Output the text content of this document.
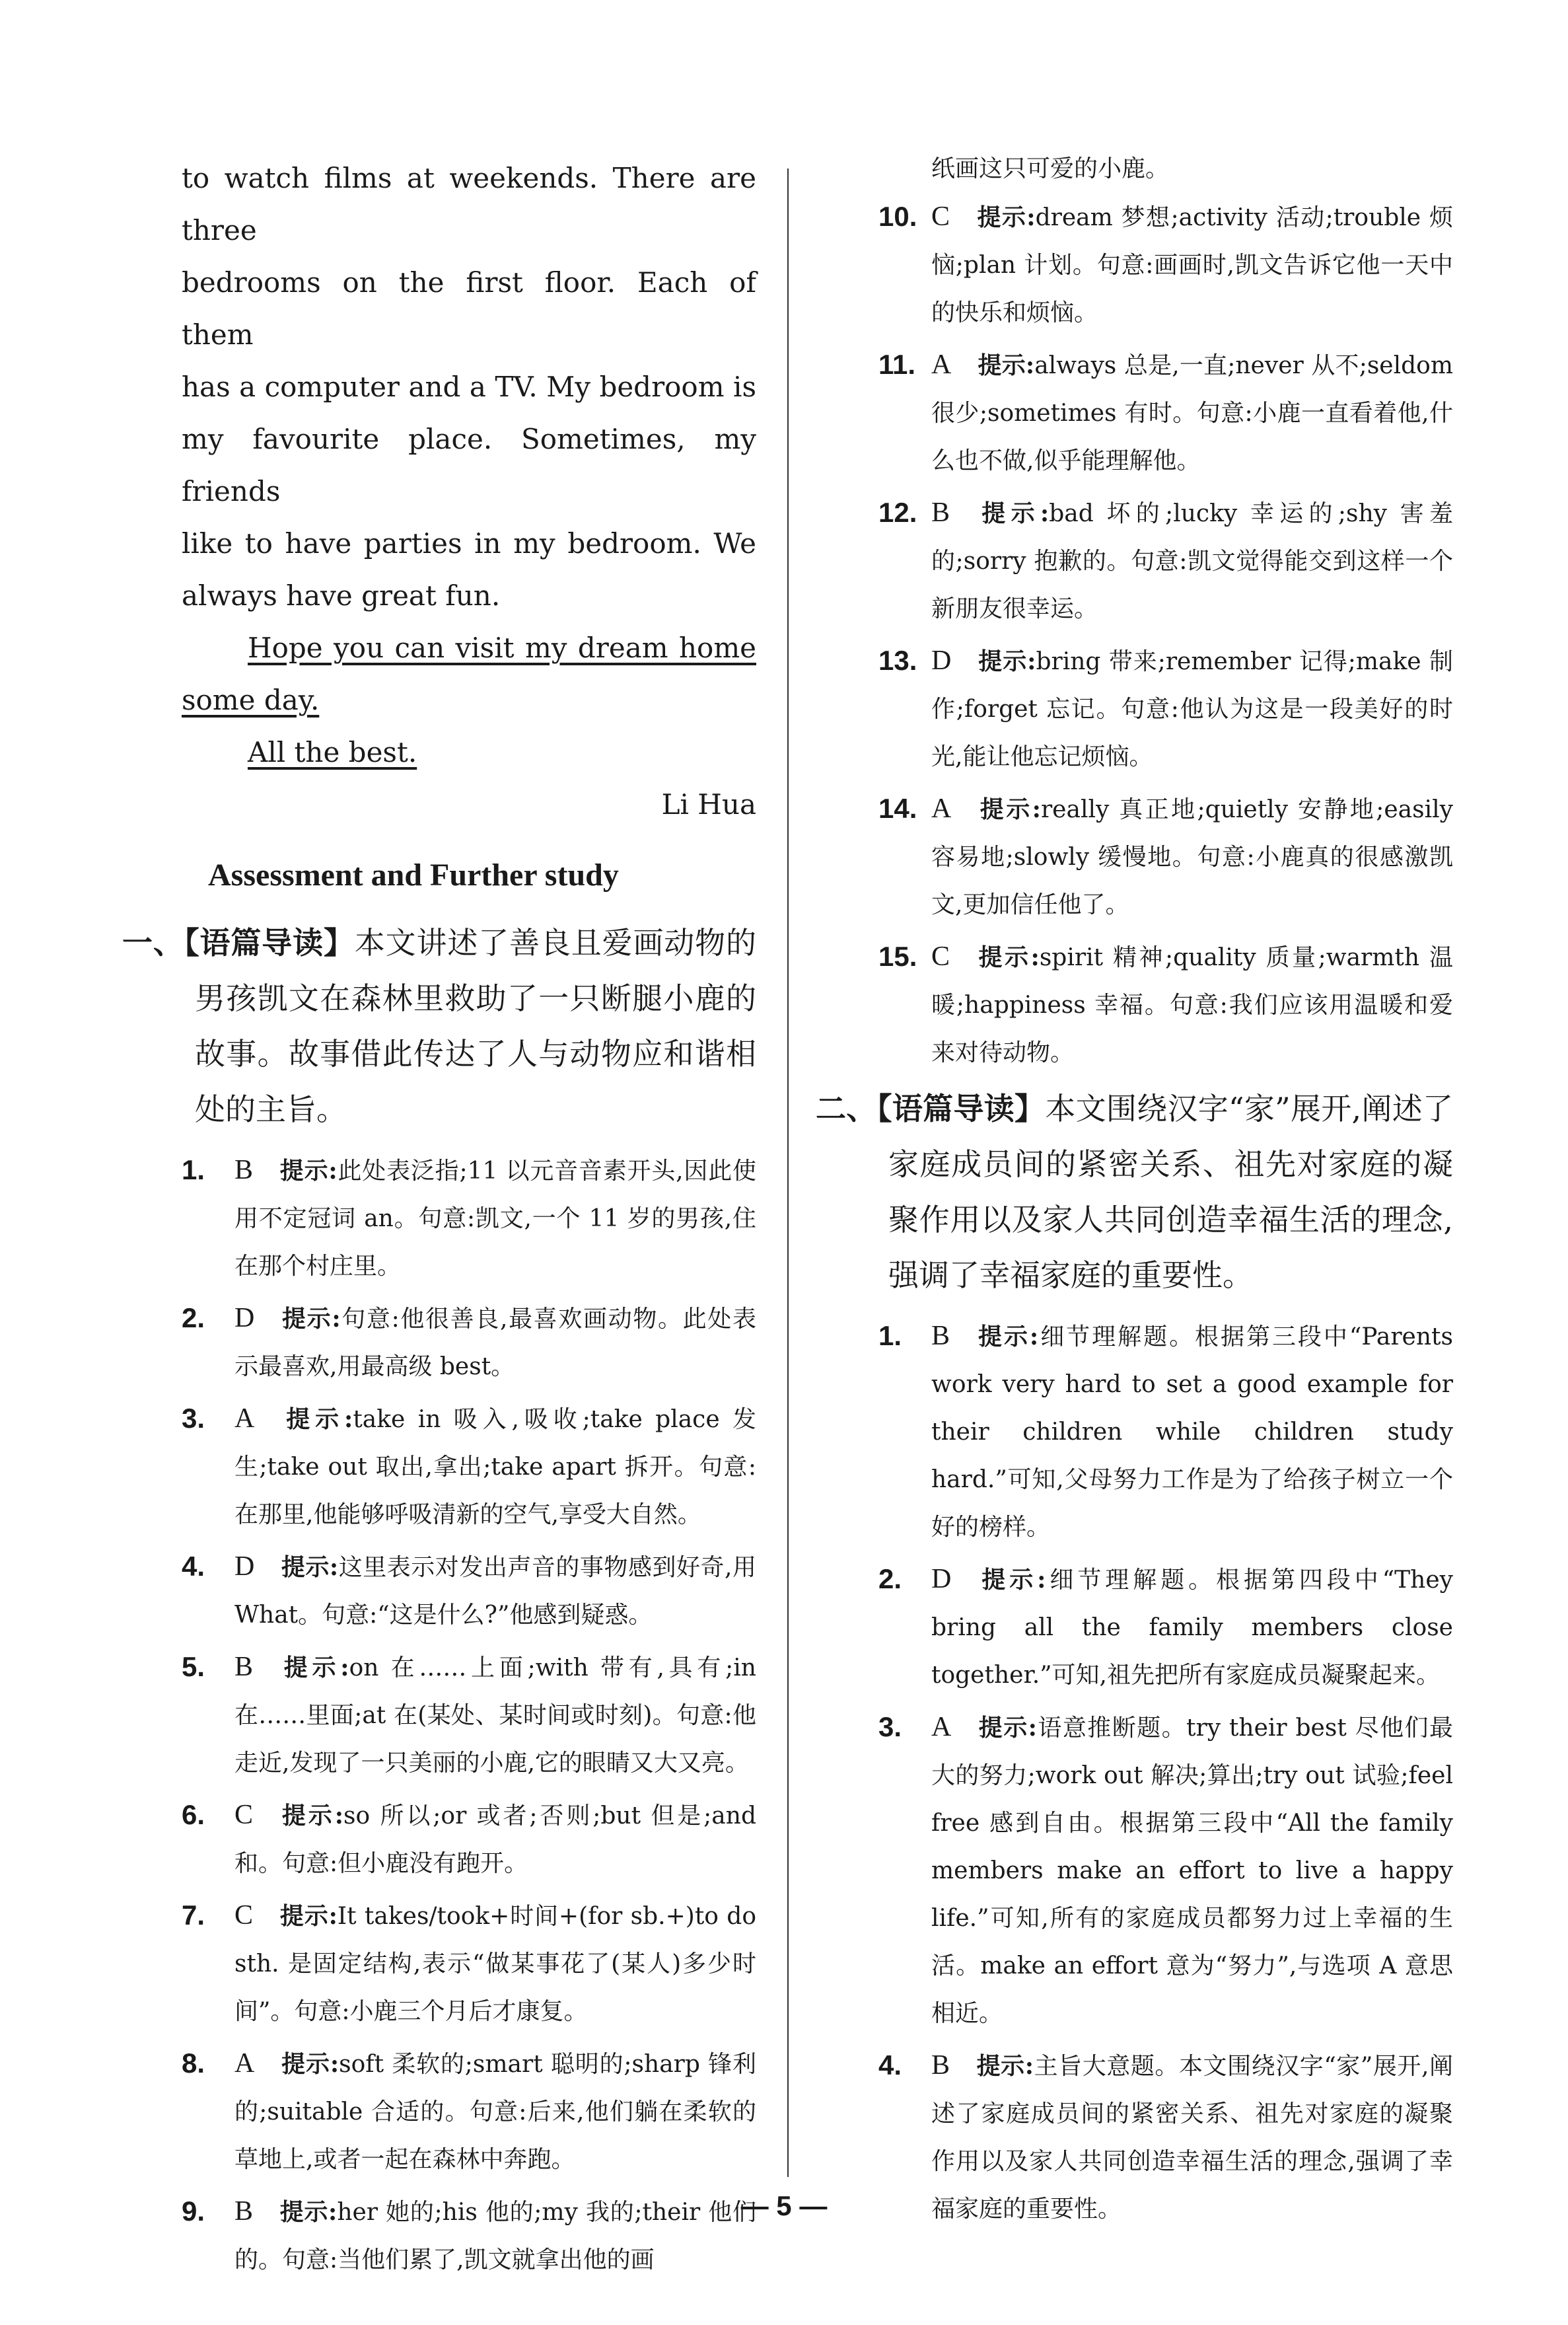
to watch films at weekends. There are three

bedrooms on the first floor. Each of them

has a computer and a TV. My bedroom is

my favourite place. Sometimes, my friends

like to have parties in my bedroom. We

always have great fun.

Hope you can visit my dream home

some day.

All the best.

Li Hua

Assessment and Further study
一、【语篇导读】本文讲述了善良且爱画动物的男孩凯文在森林里救助了一只断腿小鹿的故事。故事借此传达了人与动物应和谐相处的主旨。
1. B 提示:此处表泛指;11 以元音音素开头,因此使用不定冠词 an。句意:凯文,一个 11 岁的男孩,住在那个村庄里。
2. D 提示:句意:他很善良,最喜欢画动物。此处表示最喜欢,用最高级 best。
3. A 提示:take in 吸入,吸收;take place 发生;take out 取出,拿出;take apart 拆开。句意:在那里,他能够呼吸清新的空气,享受大自然。
4. D 提示:这里表示对发出声音的事物感到好奇,用 What。句意:“这是什么?”他感到疑惑。
5. B 提示:on 在……上面;with 带有,具有;in 在……里面;at 在(某处、某时间或时刻)。句意:他走近,发现了一只美丽的小鹿,它的眼睛又大又亮。
6. C 提示:so 所以;or 或者;否则;but 但是;and 和。句意:但小鹿没有跑开。
7. C 提示:It takes/took+时间+(for sb.+)to do sth. 是固定结构,表示“做某事花了(某人)多少时间”。句意:小鹿三个月后才康复。
8. A 提示:soft 柔软的;smart 聪明的;sharp 锋利的;suitable 合适的。句意:后来,他们躺在柔软的草地上,或者一起在森林中奔跑。
9. B 提示:her 她的;his 他的;my 我的;their 他们的。句意:当他们累了,凯文就拿出他的画
纸画这只可爱的小鹿。
10. C 提示:dream 梦想;activity 活动;trouble 烦恼;plan 计划。句意:画画时,凯文告诉它他一天中的快乐和烦恼。
11. A 提示:always 总是,一直;never 从不;seldom 很少;sometimes 有时。句意:小鹿一直看着他,什么也不做,似乎能理解他。
12. B 提示:bad 坏的;lucky 幸运的;shy 害羞的;sorry 抱歉的。句意:凯文觉得能交到这样一个新朋友很幸运。
13. D 提示:bring 带来;remember 记得;make 制作;forget 忘记。句意:他认为这是一段美好的时光,能让他忘记烦恼。
14. A 提示:really 真正地;quietly 安静地;easily 容易地;slowly 缓慢地。句意:小鹿真的很感激凯文,更加信任他了。
15. C 提示:spirit 精神;quality 质量;warmth 温暖;happiness 幸福。句意:我们应该用温暖和爱来对待动物。
二、【语篇导读】本文围绕汉字“家”展开,阐述了家庭成员间的紧密关系、祖先对家庭的凝聚作用以及家人共同创造幸福生活的理念,强调了幸福家庭的重要性。
1. B 提示:细节理解题。根据第三段中“Parents work very hard to set a good example for their children while children study hard.”可知,父母努力工作是为了给孩子树立一个好的榜样。
2. D 提示:细节理解题。根据第四段中“They bring all the family members close together.”可知,祖先把所有家庭成员凝聚起来。
3. A 提示:语意推断题。try their best 尽他们最大的努力;work out 解决;算出;try out 试验;feel free 感到自由。根据第三段中“All the family members make an effort to live a happy life.”可知,所有的家庭成员都努力过上幸福的生活。make an effort 意为“努力”,与选项 A 意思相近。
4. B 提示:主旨大意题。本文围绕汉字“家”展开,阐述了家庭成员间的紧密关系、祖先对家庭的凝聚作用以及家人共同创造幸福生活的理念,强调了幸福家庭的重要性。
— 5 —
